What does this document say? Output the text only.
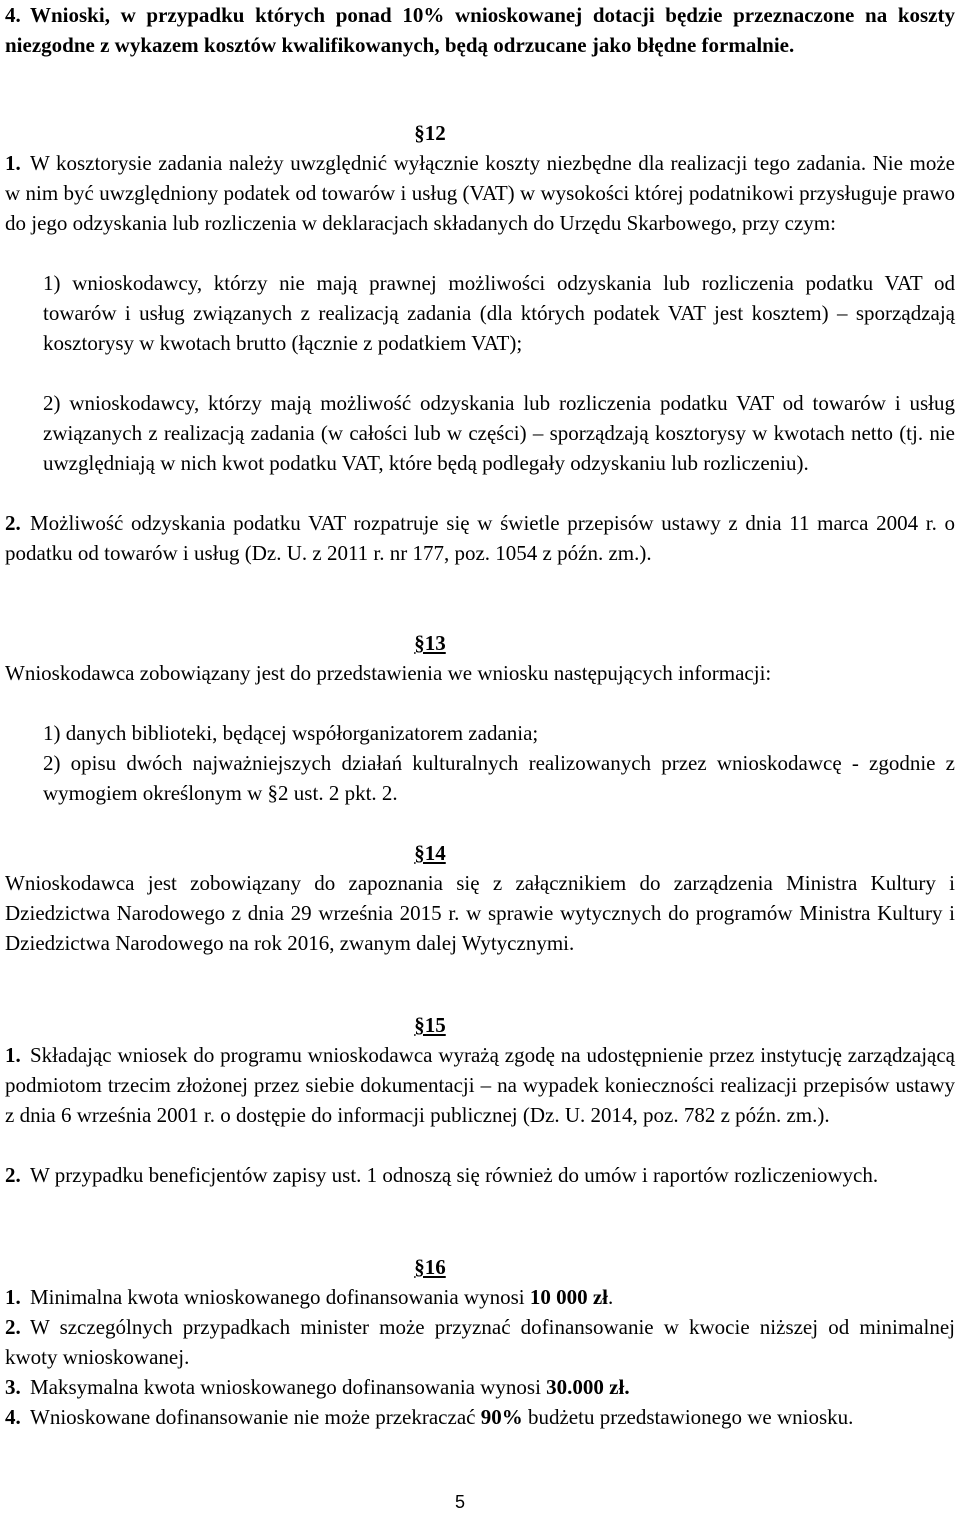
4. Wnioski, w przypadku których ponad 10% wnioskowanej dotacji będzie przeznaczone na koszty niezgodne z wykazem kosztów kwalifikowanych, będą odrzucane jako błędne formalnie.

§12

1. W kosztorysie zadania należy uwzględnić wyłącznie koszty niezbędne dla realizacji tego zadania. Nie może w nim być uwzględniony podatek od towarów i usług (VAT) w wysokości której podatnikowi przysługuje prawo do jego odzyskania lub rozliczenia w deklaracjach składanych do Urzędu Skarbowego, przy czym:

1) wnioskodawcy, którzy nie mają prawnej możliwości odzyskania lub rozliczenia podatku VAT od towarów i usług związanych z realizacją zadania (dla których podatek VAT jest kosztem) – sporządzają kosztorysy w kwotach brutto (łącznie z podatkiem VAT);

2) wnioskodawcy, którzy mają możliwość odzyskania lub rozliczenia podatku VAT od towarów i usług związanych z realizacją zadania (w całości lub w części) – sporządzają kosztorysy w kwotach netto (tj. nie uwzględniają w nich kwot podatku VAT, które będą podlegały odzyskaniu lub rozliczeniu).

2. Możliwość odzyskania podatku VAT rozpatruje się w świetle przepisów ustawy z dnia 11 marca 2004 r. o podatku od towarów i usług (Dz. U. z 2011 r. nr 177, poz. 1054 z późn. zm.).

§13

Wnioskodawca zobowiązany jest do przedstawienia we wniosku następujących informacji:

1) danych biblioteki, będącej współorganizatorem zadania;

2) opisu dwóch najważniejszych działań kulturalnych realizowanych przez wnioskodawcę - zgodnie z wymogiem określonym w §2 ust. 2 pkt. 2.

§14

Wnioskodawca jest zobowiązany do zapoznania się z załącznikiem do zarządzenia Ministra Kultury i Dziedzictwa Narodowego z dnia 29 września 2015 r. w sprawie wytycznych do programów Ministra Kultury i Dziedzictwa Narodowego na rok 2016, zwanym dalej Wytycznymi.

§15

1. Składając wniosek do programu wnioskodawca wyrażą zgodę na udostępnienie przez instytucję zarządzającą podmiotom trzecim złożonej przez siebie dokumentacji – na wypadek konieczności realizacji przepisów ustawy z dnia 6 września 2001 r. o dostępie do informacji publicznej (Dz. U. 2014, poz. 782 z późn. zm.).

2. W przypadku beneficjentów zapisy ust. 1 odnoszą się również do umów i raportów rozliczeniowych.

§16

1. Minimalna kwota wnioskowanego dofinansowania wynosi 10 000 zł.

2. W szczególnych przypadkach minister może przyznać dofinansowanie w kwocie niższej od minimalnej kwoty wnioskowanej.

3. Maksymalna kwota wnioskowanego dofinansowania wynosi 30.000 zł.

4. Wnioskowane dofinansowanie nie może przekraczać 90% budżetu przedstawionego we wniosku.

5
